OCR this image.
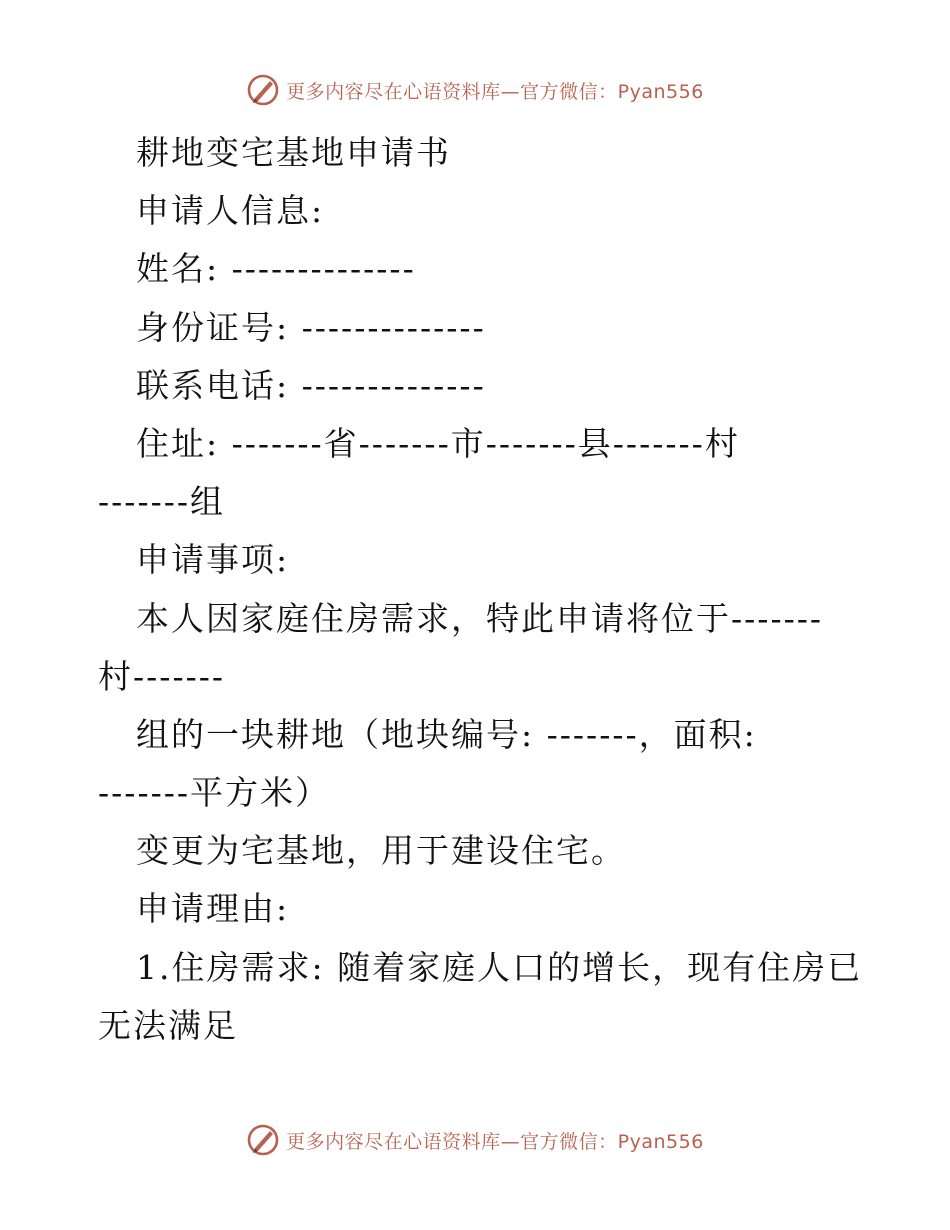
更多内容尽在心语资料库—官方微信：Pyan556
耕地变宅基地申请书
申请人信息:
姓名: --------------
身份证号: --------------
联系电话: --------------
住址: -------省-------市-------县-------村
-------组
申请事项:
本人因家庭住房需求，特此申请将位于-------
村-------
组的一块耕地（地块编号: -------，面积:
-------平方米）
变更为宅基地，用于建设住宅。
申请理由:
1.住房需求: 随着家庭人口的增长，现有住房已
无法满足
更多内容尽在心语资料库—官方微信：Pyan556
